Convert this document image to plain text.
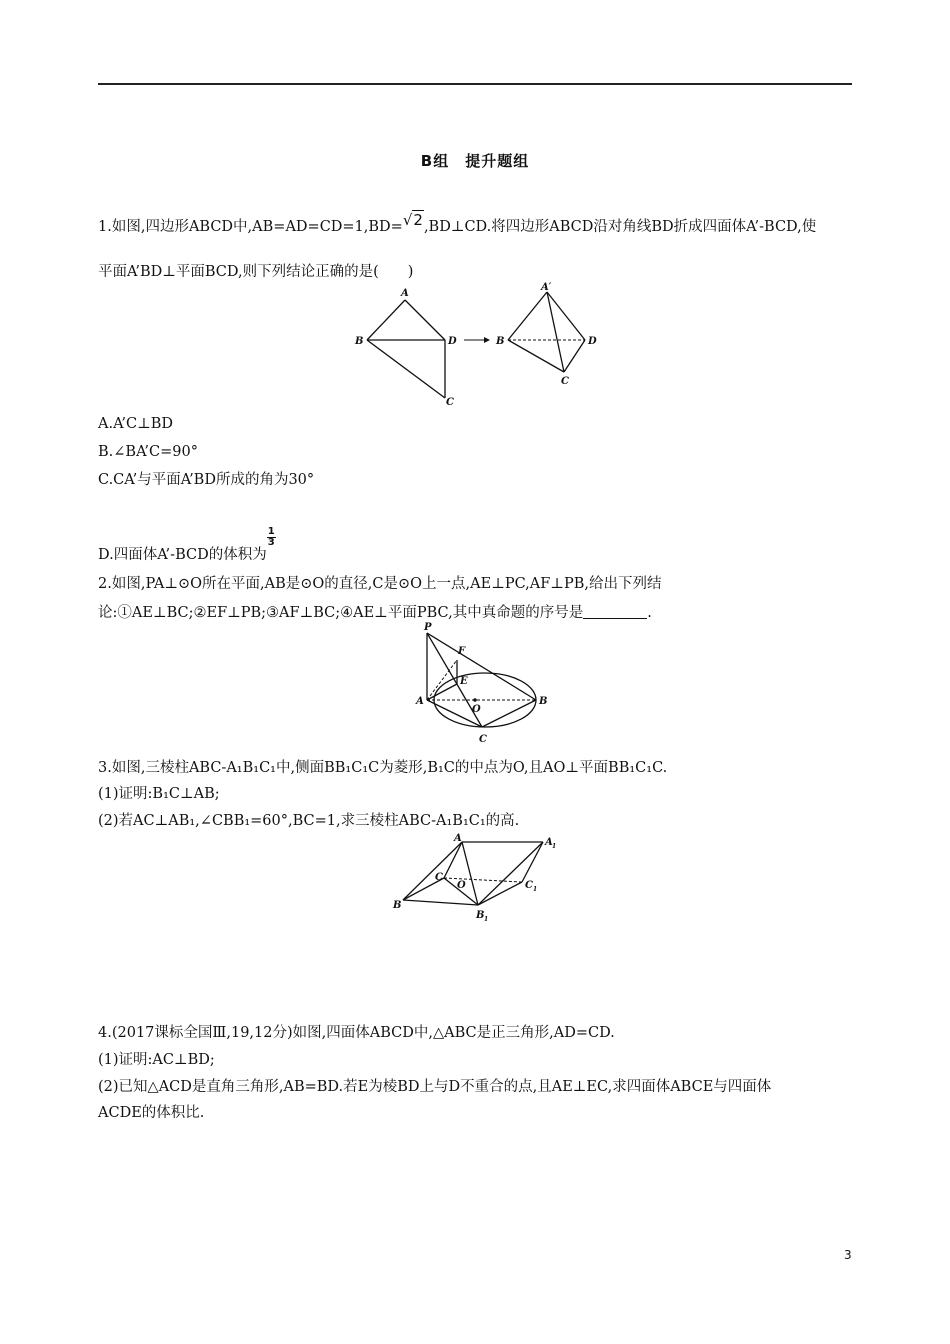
B组　提升题组
1.如图,四边形ABCD中,AB=AD=CD=1,BD=√2,BD⊥CD.将四边形ABCD沿对角线BD折成四面体A’-BCD,使
平面A’BD⊥平面BCD,则下列结论正确的是(　　)
A
B	D
C
A′
B	D
C
A.A’C⊥BD
B.∠BA’C=90°
C.CA’与平面A’BD所成的角为30°
D.四面体A’-BCD的体积为
$\frac{1}{3}$
2.如图,PA⊥⊙O所在平面,AB是⊙O的直径,C是⊙O上一点,AE⊥PC,AF⊥PB,给出下列结
论:①AE⊥BC;②EF⊥PB;③AF⊥BC;④AE⊥平面PBC,其中真命题的序号是	.
P
F
E
A
O
B
C
3.如图,三棱柱ABC-A₁B₁C₁中,侧面BB₁C₁C为菱形,B₁C的中点为O,且AO⊥平面BB₁C₁C.
(1)证明:B₁C⊥AB;
(2)若AC⊥AB₁,∠CBB₁=60°,BC=1,求三棱柱ABC-A₁B₁C₁的高.
A	A 1
C
O	C 1
B
B 1
4.(2017课标全国Ⅲ,19,12分)如图,四面体ABCD中,△ABC是正三角形,AD=CD.
(1)证明:AC⊥BD;
(2)已知△ACD是直角三角形,AB=BD.若E为棱BD上与D不重合的点,且AE⊥EC,求四面体ABCE与四面体
ACDE的体积比.
3
